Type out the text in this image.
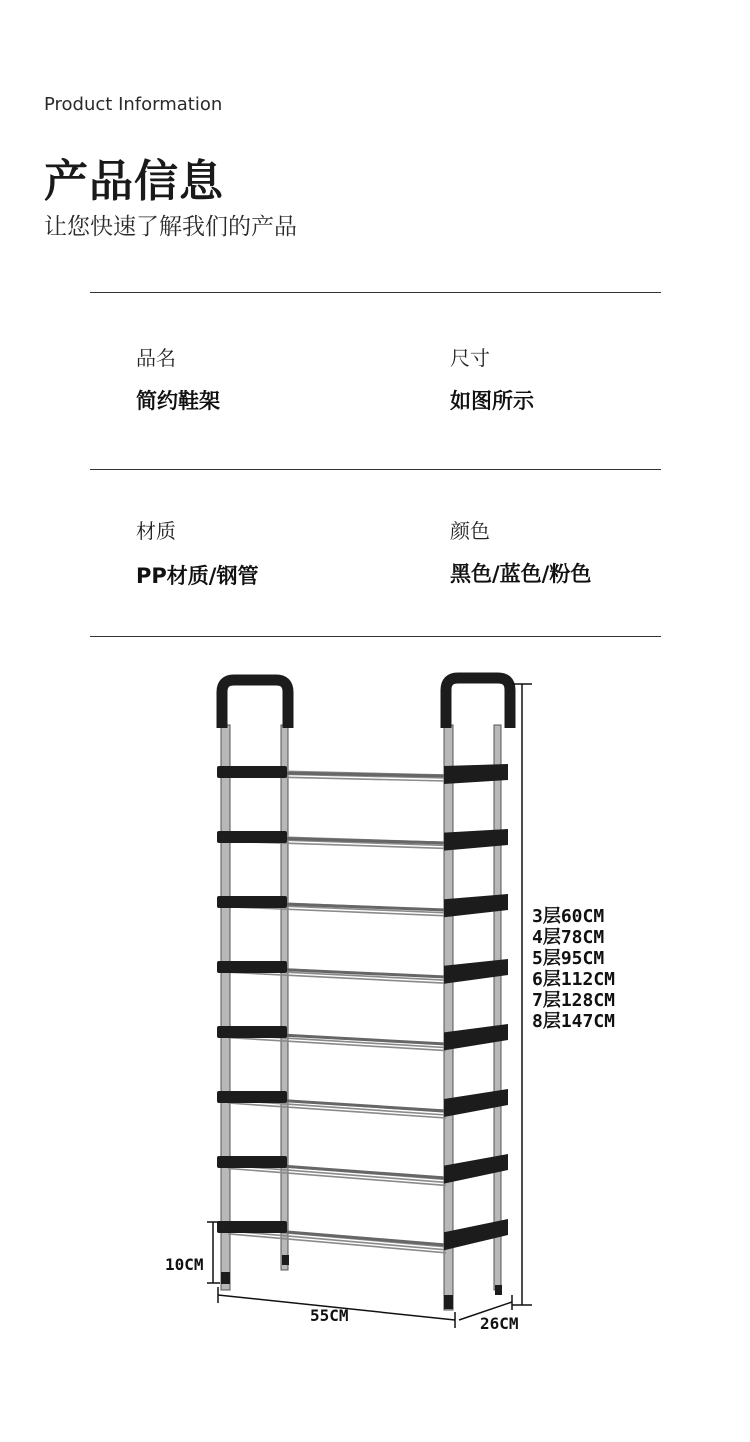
Product Information
产品信息
让您快速了解我们的产品
品名
简约鞋架
尺寸
如图所示
材质
PP材质/钢管
颜色
黑色/蓝色/粉色
3层60CM
4层78CM
5层95CM
6层112CM
7层128CM
8层147CM
10CM
55CM	26CM
